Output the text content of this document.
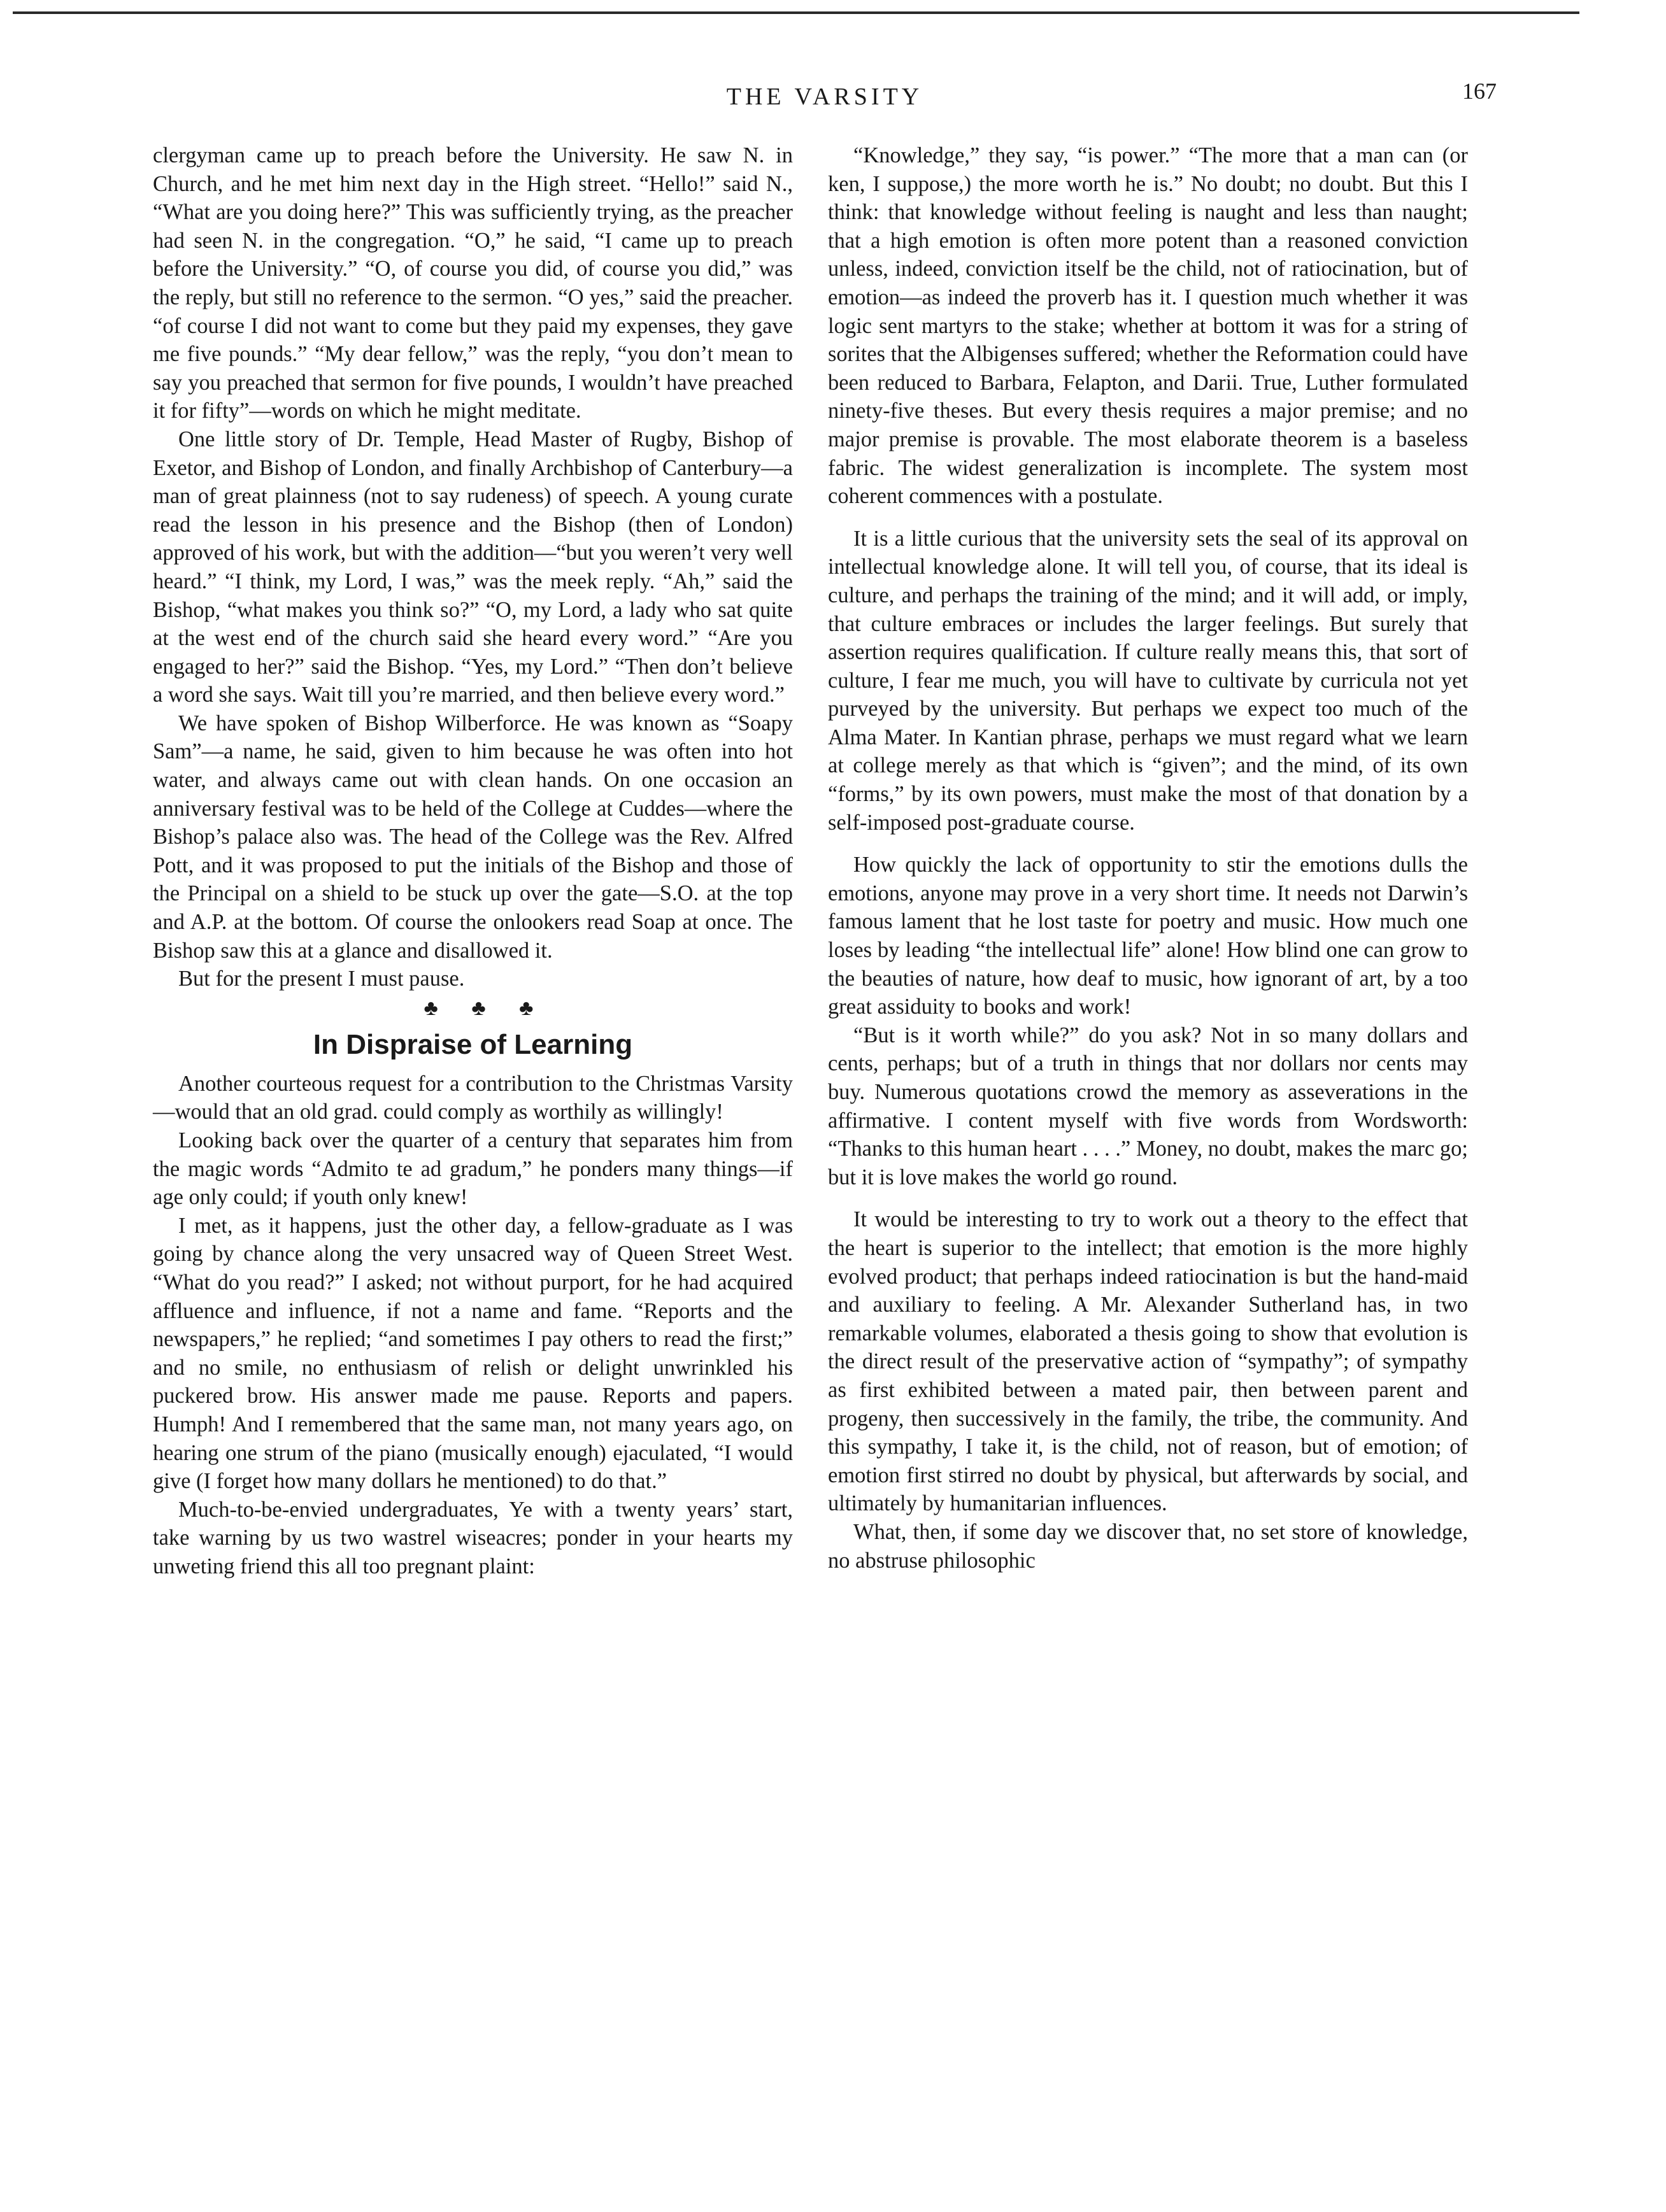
THE VARSITY	167

clergyman came up to preach before the University. He saw N. in Church, and he met him next day in the High street. “Hello!” said N., “What are you doing here?” This was sufficiently trying, as the preacher had seen N. in the congregation. “O,” he said, “I came up to preach before the University.” “O, of course you did, of course you did,” was the reply, but still no reference to the sermon. “O yes,” said the preacher. “of course I did not want to come but they paid my expenses, they gave me five pounds.” “My dear fellow,” was the reply, “you don’t mean to say you preached that sermon for five pounds, I wouldn’t have preached it for fifty”—words on which he might meditate.

One little story of Dr. Temple, Head Master of Rugby, Bishop of Exetor, and Bishop of London, and finally Archbishop of Canterbury—a man of great plainness (not to say rudeness) of speech. A young curate read the lesson in his presence and the Bishop (then of London) approved of his work, but with the addition—“but you weren’t very well heard.” “I think, my Lord, I was,” was the meek reply. “Ah,” said the Bishop, “what makes you think so?” “O, my Lord, a lady who sat quite at the west end of the church said she heard every word.” “Are you engaged to her?” said the Bishop. “Yes, my Lord.” “Then don’t believe a word she says. Wait till you’re married, and then believe every word.”

We have spoken of Bishop Wilberforce. He was known as “Soapy Sam”—a name, he said, given to him because he was often into hot water, and always came out with clean hands. On one occasion an anniversary festival was to be held of the College at Cuddes—where the Bishop’s palace also was. The head of the College was the Rev. Alfred Pott, and it was proposed to put the initials of the Bishop and those of the Principal on a shield to be stuck up over the gate—S.O. at the top and A.P. at the bottom. Of course the onlookers read Soap at once. The Bishop saw this at a glance and disallowed it.

But for the present I must pause.

♣ ♣ ♣
In Dispraise of Learning

Another courteous request for a contribution to the Christmas Varsity—would that an old grad. could comply as worthily as willingly!

Looking back over the quarter of a century that separates him from the magic words “Admito te ad gradum,” he ponders many things—if age only could; if youth only knew!

I met, as it happens, just the other day, a fellow-graduate as I was going by chance along the very unsacred way of Queen Street West. “What do you read?” I asked; not without purport, for he had acquired affluence and influence, if not a name and fame. “Reports and the newspapers,” he replied; “and sometimes I pay others to read the first;” and no smile, no enthusiasm of relish or delight unwrinkled his puckered brow. His answer made me pause. Reports and papers. Humph! And I remembered that the same man, not many years ago, on hearing one strum of the piano (musically enough) ejaculated, “I would give (I forget how many dollars he mentioned) to do that.”

Much-to-be-envied undergraduates, Ye with a twenty years’ start, take warning by us two wastrel wiseacres; ponder in your hearts my unweting friend this all too pregnant plaint:

“Knowledge,” they say, “is power.” “The more that a man can (or ken, I suppose,) the more worth he is.” No doubt; no doubt. But this I think: that knowledge without feeling is naught and less than naught; that a high emotion is often more potent than a reasoned conviction unless, indeed, conviction itself be the child, not of ratiocination, but of emotion—as indeed the proverb has it. I question much whether it was logic sent martyrs to the stake; whether at bottom it was for a string of sorites that the Albigenses suffered; whether the Reformation could have been reduced to Barbara, Felapton, and Darii. True, Luther formulated ninety-five theses. But every thesis requires a major premise; and no major premise is provable. The most elaborate theorem is a baseless fabric. The widest generalization is incomplete. The system most coherent commences with a postulate.

It is a little curious that the university sets the seal of its approval on intellectual knowledge alone. It will tell you, of course, that its ideal is culture, and perhaps the training of the mind; and it will add, or imply, that culture embraces or includes the larger feelings. But surely that assertion requires qualification. If culture really means this, that sort of culture, I fear me much, you will have to cultivate by curricula not yet purveyed by the university. But perhaps we expect too much of the Alma Mater. In Kantian phrase, perhaps we must regard what we learn at college merely as that which is “given”; and the mind, of its own “forms,” by its own powers, must make the most of that donation by a self-imposed post-graduate course.

How quickly the lack of opportunity to stir the emotions dulls the emotions, anyone may prove in a very short time. It needs not Darwin’s famous lament that he lost taste for poetry and music. How much one loses by leading “the intellectual life” alone! How blind one can grow to the beauties of nature, how deaf to music, how ignorant of art, by a too great assiduity to books and work!

“But is it worth while?” do you ask? Not in so many dollars and cents, perhaps; but of a truth in things that nor dollars nor cents may buy. Numerous quotations crowd the memory as asseverations in the affirmative. I content myself with five words from Wordsworth: “Thanks to this human heart . . . .” Money, no doubt, makes the marc go; but it is love makes the world go round.

It would be interesting to try to work out a theory to the effect that the heart is superior to the intellect; that emotion is the more highly evolved product; that perhaps indeed ratiocination is but the hand-maid and auxiliary to feeling. A Mr. Alexander Sutherland has, in two remarkable volumes, elaborated a thesis going to show that evolution is the direct result of the preservative action of “sympathy”; of sympathy as first exhibited between a mated pair, then between parent and progeny, then successively in the family, the tribe, the community. And this sympathy, I take it, is the child, not of reason, but of emotion; of emotion first stirred no doubt by physical, but afterwards by social, and ultimately by humanitarian influences.

What, then, if some day we discover that, no set store of knowledge, no abstruse philosophic
